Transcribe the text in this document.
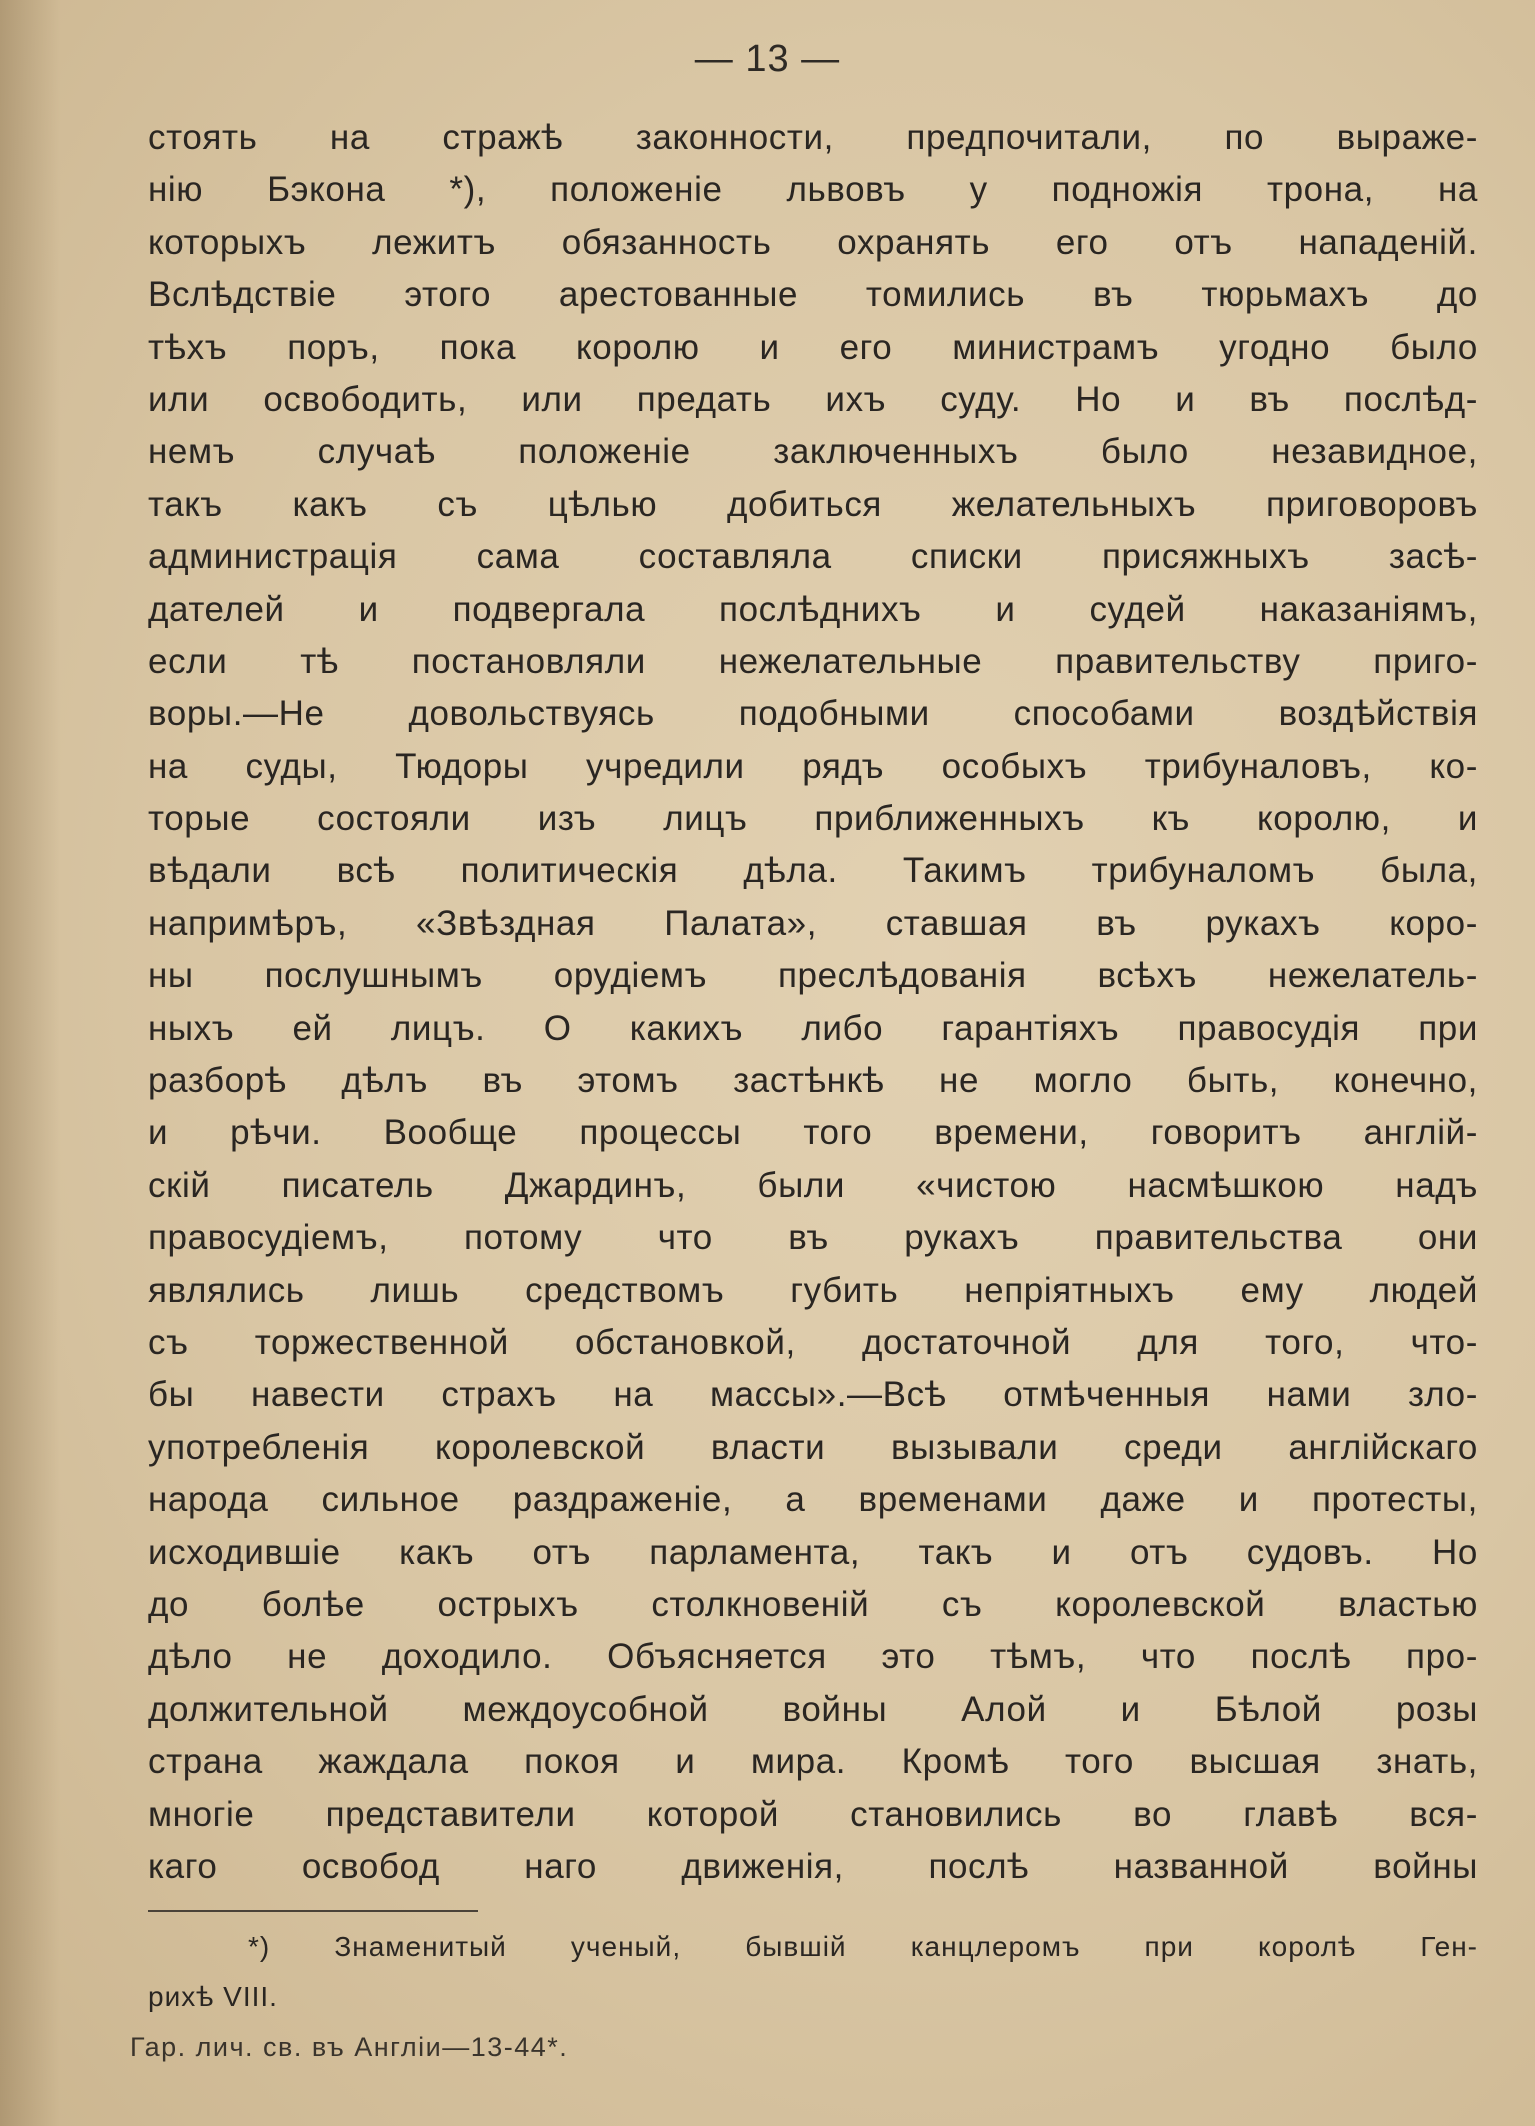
— 13 —
стоять на стражѣ законности, предпочитали, по выраже-
нію Бэкона *), положеніе львовъ у подножія трона, на
которыхъ лежитъ обязанность охранять его отъ нападеній.
Вслѣдствіе этого арестованные томились въ тюрьмахъ до
тѣхъ поръ, пока королю и его министрамъ угодно было
или освободить, или предать ихъ суду. Но и въ послѣд-
немъ случаѣ положеніе заключенныхъ было незавидное,
такъ какъ съ цѣлью добиться желательныхъ приговоровъ
администрація сама составляла списки присяжныхъ засѣ-
дателей и подвергала послѣднихъ и судей наказаніямъ,
если тѣ постановляли нежелательные правительству приго-
воры.—Не довольствуясь подобными способами воздѣйствія
на суды, Тюдоры учредили рядъ особыхъ трибуналовъ, ко-
торые состояли изъ лицъ приближенныхъ къ королю, и
вѣдали всѣ политическія дѣла. Такимъ трибуналомъ была,
напримѣръ, «Звѣздная Палата», ставшая въ рукахъ коро-
ны послушнымъ орудіемъ преслѣдованія всѣхъ нежелатель-
ныхъ ей лицъ. О какихъ либо гарантіяхъ правосудія при
разборѣ дѣлъ въ этомъ застѣнкѣ не могло быть, конечно,
и рѣчи. Вообще процессы того времени, говоритъ англій-
скій писатель Джардинъ, были «чистою насмѣшкою надъ
правосудіемъ, потому что въ рукахъ правительства они
являлись лишь средствомъ губить непріятныхъ ему людей
съ торжественной обстановкой, достаточной для того, что-
бы навести страхъ на массы».—Всѣ отмѣченныя нами зло-
употребленія королевской власти вызывали среди англійскаго
народа сильное раздраженіе, а временами даже и протесты,
исходившіе какъ отъ парламента, такъ и отъ судовъ. Но
до болѣе острыхъ столкновеній съ королевской властью
дѣло не доходило. Объясняется это тѣмъ, что послѣ про-
должительной междоусобной войны Алой и Бѣлой розы
страна жаждала покоя и мира. Кромѣ того высшая знать,
многіе представители которой становились во главѣ вся-
каго освобод наго движенія, послѣ названной войны
*) Знаменитый ученый, бывшій канцлеромъ при королѣ Ген-
рихѣ VIII.
Гар. лич. св. въ Англіи—13-44*.
